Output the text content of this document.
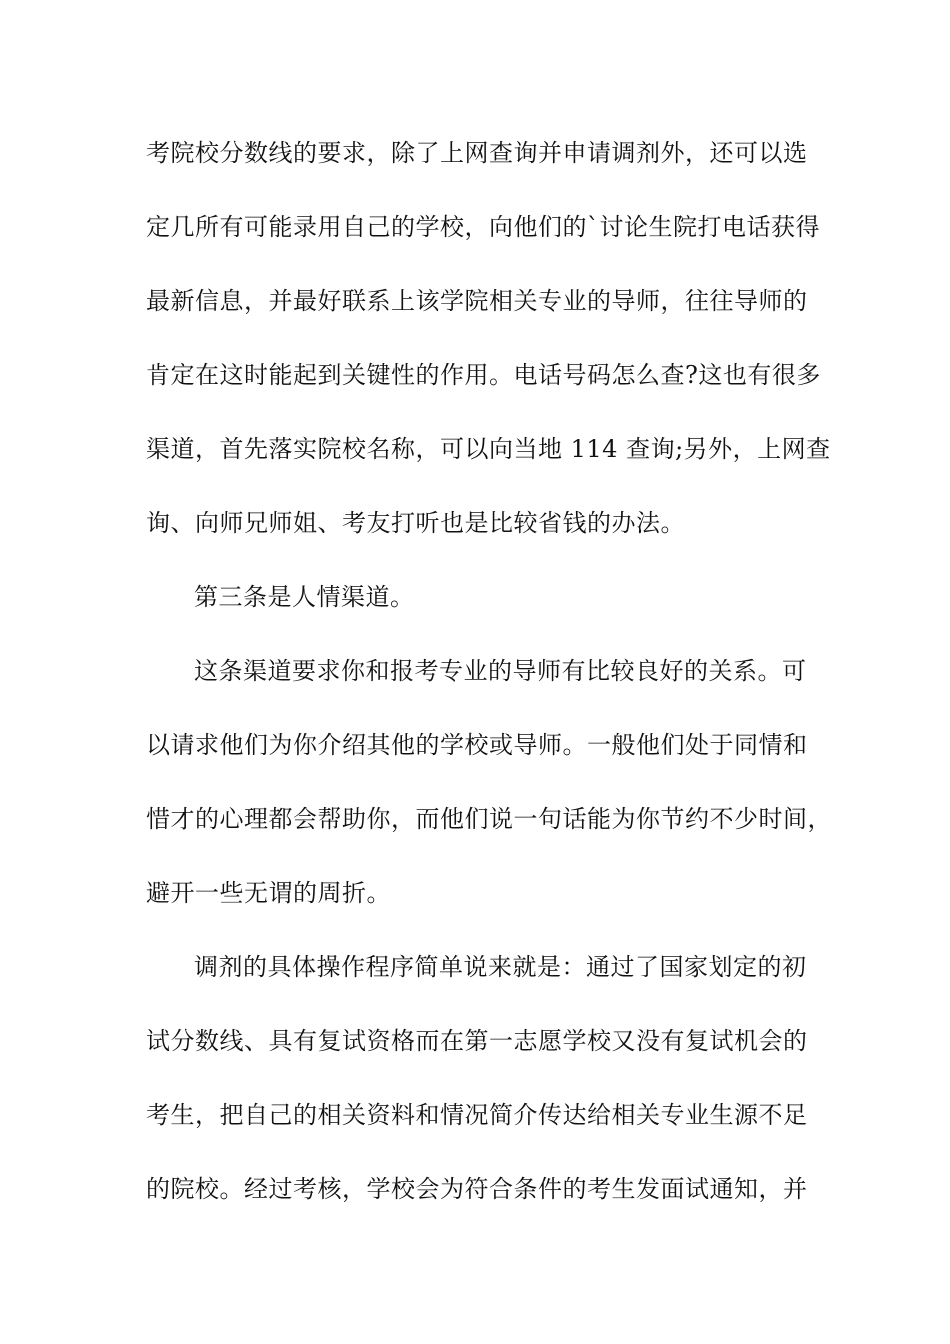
考院校分数线的要求，除了上网查询并申请调剂外，还可以选
定几所有可能录用自己的学校，向他们的`讨论生院打电话获得
最新信息，并最好联系上该学院相关专业的导师，往往导师的
肯定在这时能起到关键性的作用。电话号码怎么查?这也有很多
渠道，首先落实院校名称，可以向当地 114 查询;另外，上网查
询、向师兄师姐、考友打听也是比较省钱的办法。
第三条是人情渠道。
这条渠道要求你和报考专业的导师有比较良好的关系。可
以请求他们为你介绍其他的学校或导师。一般他们处于同情和
惜才的心理都会帮助你，而他们说一句话能为你节约不少时间，
避开一些无谓的周折。
调剂的具体操作程序简单说来就是：通过了国家划定的初
试分数线、具有复试资格而在第一志愿学校又没有复试机会的
考生，把自己的相关资料和情况简介传达给相关专业生源不足
的院校。经过考核，学校会为符合条件的考生发面试通知，并
